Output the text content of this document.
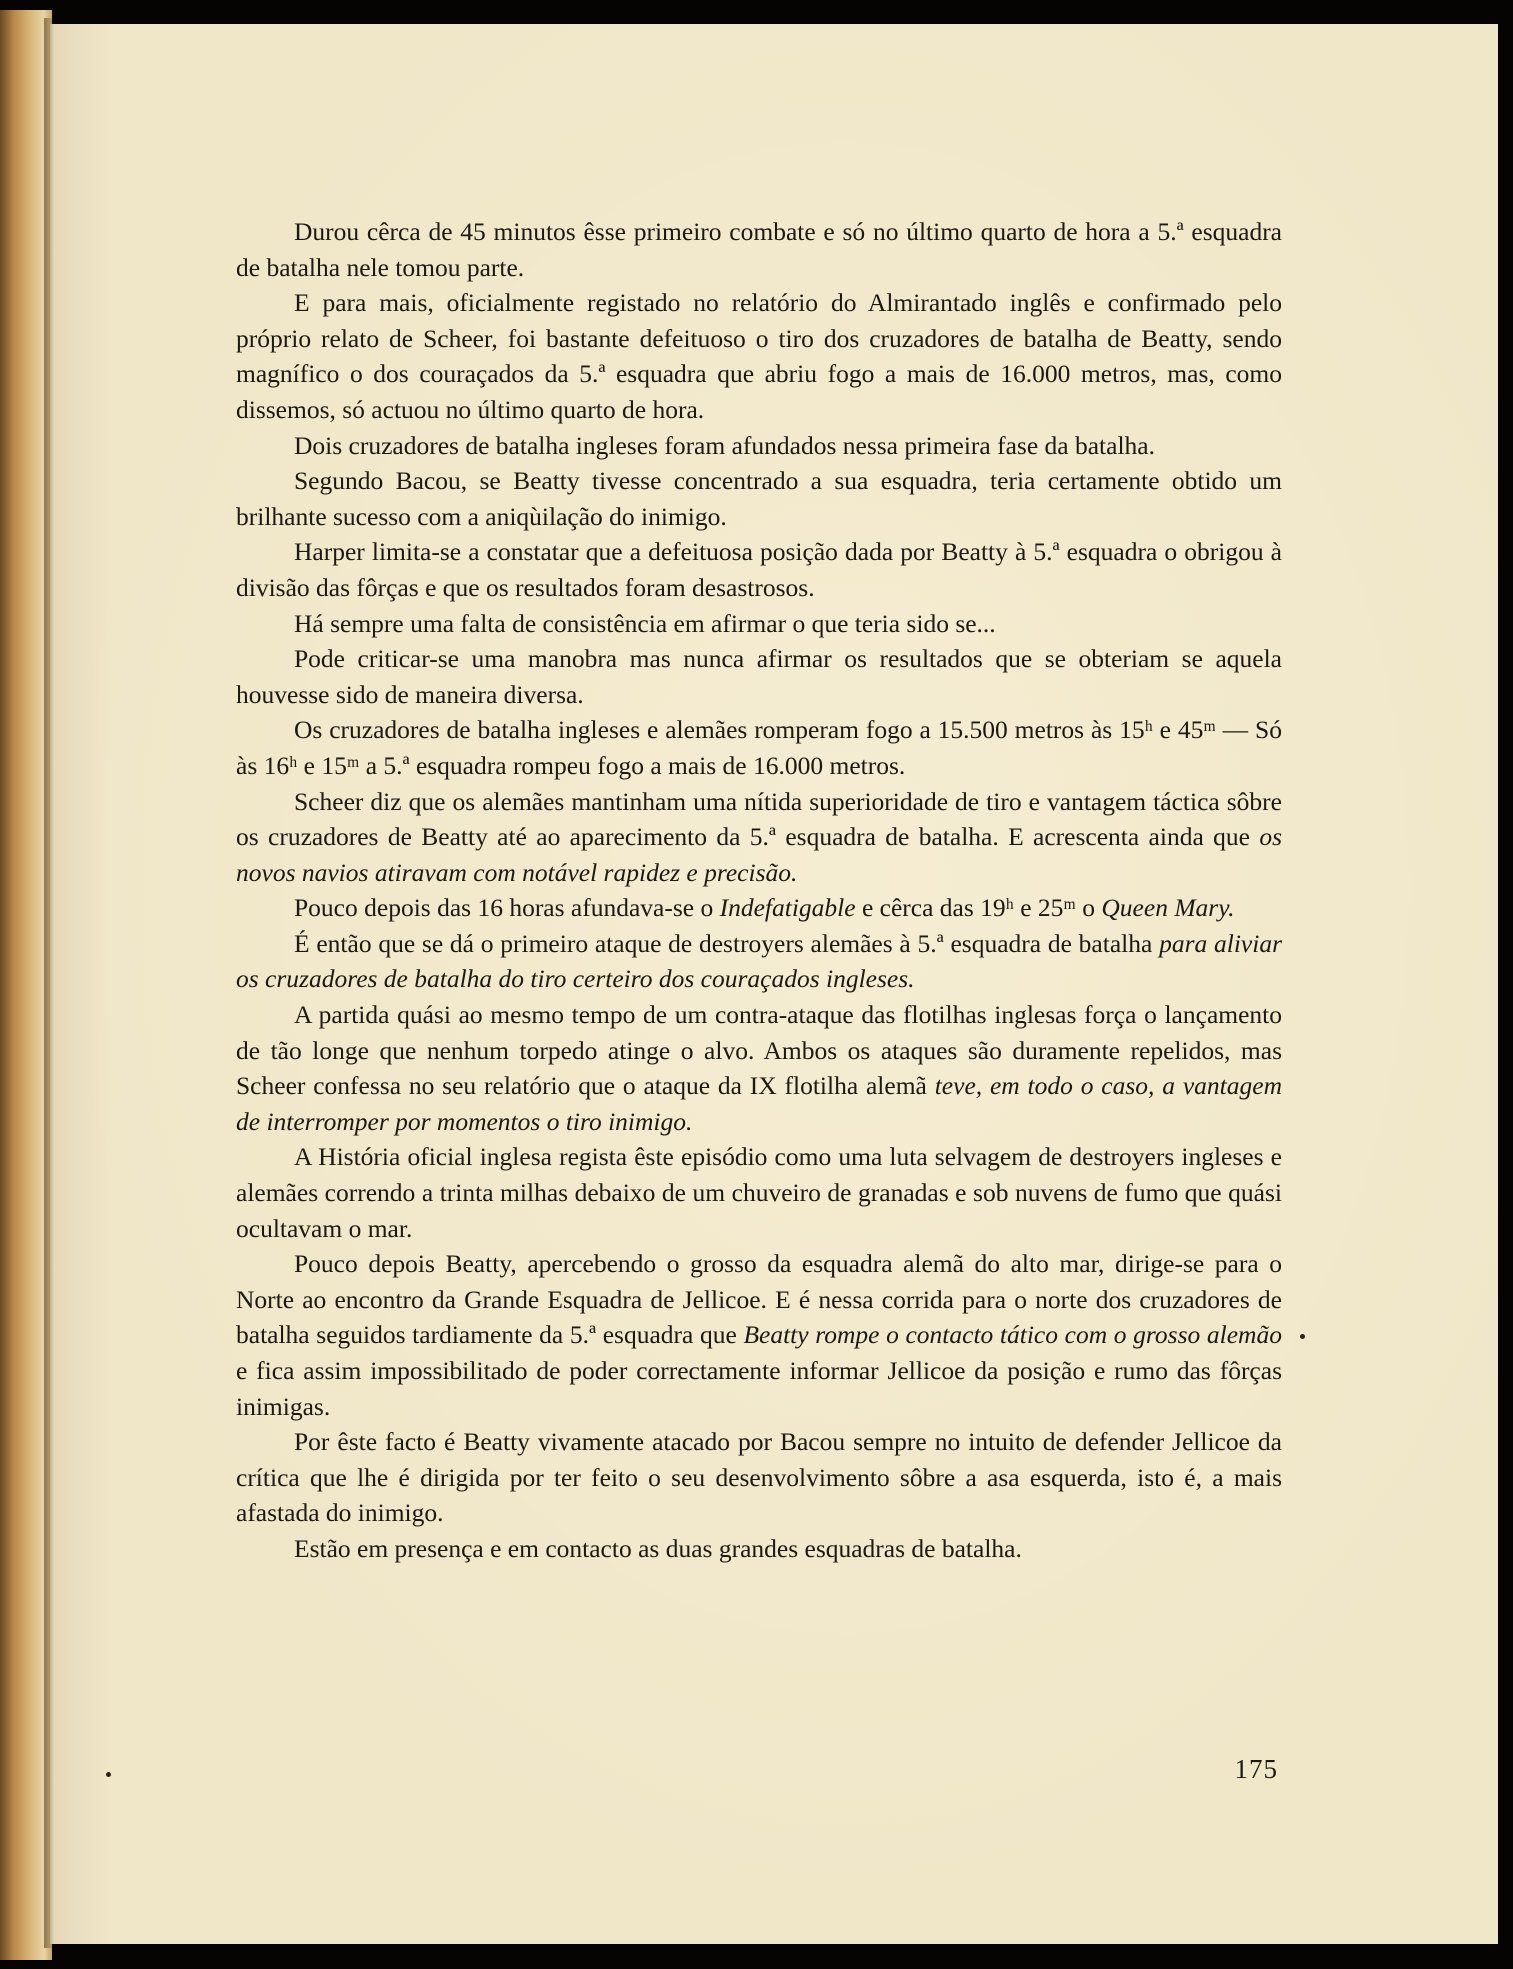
Durou cêrca de 45 minutos êsse primeiro combate e só no último quarto de hora a 5.ª esquadra de batalha nele tomou parte.

E para mais, oficialmente registado no relatório do Almirantado inglês e confirmado pelo próprio relato de Scheer, foi bastante defeituoso o tiro dos cruzadores de batalha de Beatty, sendo magnífico o dos couraçados da 5.ª esquadra que abriu fogo a mais de 16.000 metros, mas, como dissemos, só actuou no último quarto de hora.

Dois cruzadores de batalha ingleses foram afundados nessa primeira fase da batalha.

Segundo Bacou, se Beatty tivesse concentrado a sua esquadra, teria certamente obtido um brilhante sucesso com a aniqùilação do inimigo.

Harper limita-se a constatar que a defeituosa posição dada por Beatty à 5.ª esquadra o obrigou à divisão das fôrças e que os resultados foram desastrosos.

Há sempre uma falta de consistência em afirmar o que teria sido se...

Pode criticar-se uma manobra mas nunca afirmar os resultados que se obteriam se aquela houvesse sido de maneira diversa.

Os cruzadores de batalha ingleses e alemães romperam fogo a 15.500 metros às 15ʰ e 45ᵐ — Só às 16ʰ e 15ᵐ a 5.ª esquadra rompeu fogo a mais de 16.000 metros.

Scheer diz que os alemães mantinham uma nítida superioridade de tiro e vantagem táctica sôbre os cruzadores de Beatty até ao aparecimento da 5.ª esquadra de batalha. E acrescenta ainda que os novos navios atiravam com notável rapidez e precisão.

Pouco depois das 16 horas afundava-se o Indefatigable e cêrca das 19ʰ e 25ᵐ o Queen Mary.

É então que se dá o primeiro ataque de destroyers alemães à 5.ª esquadra de batalha para aliviar os cruzadores de batalha do tiro certeiro dos couraçados ingleses.

A partida quási ao mesmo tempo de um contra-ataque das flotilhas inglesas força o lançamento de tão longe que nenhum torpedo atinge o alvo. Ambos os ataques são duramente repelidos, mas Scheer confessa no seu relatório que o ataque da IX flotilha alemã teve, em todo o caso, a vantagem de interromper por momentos o tiro inimigo.

A História oficial inglesa regista êste episódio como uma luta selvagem de destroyers ingleses e alemães correndo a trinta milhas debaixo de um chuveiro de granadas e sob nuvens de fumo que quási ocultavam o mar.

Pouco depois Beatty, apercebendo o grosso da esquadra alemã do alto mar, dirige-se para o Norte ao encontro da Grande Esquadra de Jellicoe. E é nessa corrida para o norte dos cruzadores de batalha seguidos tardiamente da 5.ª esquadra que Beatty rompe o contacto tático com o grosso alemão e fica assim impossibilitado de poder correctamente informar Jellicoe da posição e rumo das fôrças inimigas.

Por êste facto é Beatty vivamente atacado por Bacou sempre no intuito de defender Jellicoe da crítica que lhe é dirigida por ter feito o seu desenvolvimento sôbre a asa esquerda, isto é, a mais afastada do inimigo.

Estão em presença e em contacto as duas grandes esquadras de batalha.

175
